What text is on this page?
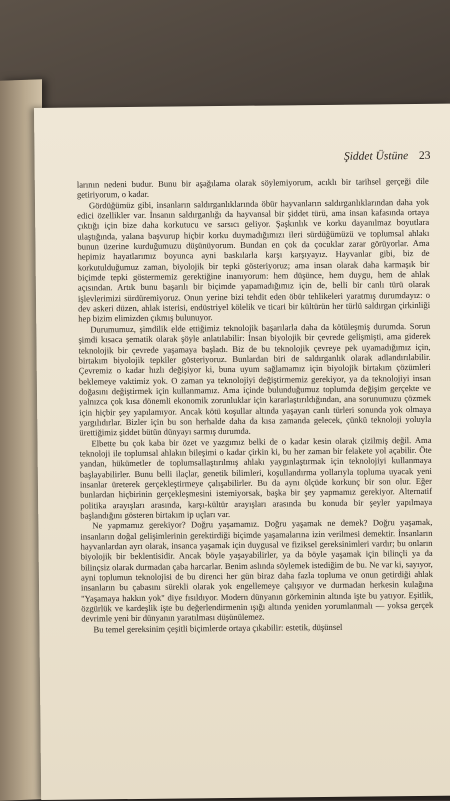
Şiddet Üstüne 23

larının nedeni budur. Bunu bir aşağılama olarak söylemiyorum, acıklı bir tarihsel gerçeği dile getiriyorum, o kadar.

Gördüğümüz gibi, insanların saldırganlıklarında öbür hayvanların saldırganlıklarından daha yok edici özellikler var. İnsanın saldırganlığı da hayvansal bir şiddet türü, ama insan kafasında ortaya çıktığı için bize daha korkutucu ve sarsıcı geliyor. Şaşkınlık ve korku dayanılmaz boyutlara ulaştığında, yalana başvurup hiçbir korku duymadığımızı ileri sürdüğümüzü ve toplumsal ahlakı bunun üzerine kurduğumuzu düşünüyorum. Bundan en çok da çocuklar zarar görüyorlar. Ama hepimiz hayatlarımız boyunca ayni baskılarla karşı karşıyayız. Hayvanlar gibi, biz de korkutulduğumuz zaman, biyolojik bir tepki gösteriyoruz; ama insan olarak daha karmaşık bir biçimde tepki göstermemiz gerektiğine inanıyorum: hem düşünce, hem duygu, hem de ahlak açısından. Artık bunu başarılı bir biçimde yapamadığımız için de, belli bir canlı türü olarak işlevlerimizi sürdüremiyoruz. Onun yerine bizi tehdit eden öbür tehlikeleri yaratmış durumdayız: o dev askeri düzen, ahlak isterisi, endüstriyel kölelik ve ticari bir kültürün her türlü saldırgan çirkinliği hep bizim elimizden çıkmış bulunuyor.

Durumumuz, şimdilik elde ettiğimiz teknolojik başarılarla daha da kötüleşmiş durumda. Sorun şimdi kısaca şematik olarak şöyle anlatılabilir: İnsan biyolojik bir çevrede gelişmişti, ama giderek teknolojik bir çevrede yaşamaya başladı. Biz de bu teknolojik çevreye pek uyamadığımız için, birtakım biyolojik tepkiler gösteriyoruz. Bunlardan biri de saldırganlık olarak adlandırılabilir. Çevremiz o kadar hızlı değişiyor ki, buna uyum sağlamamız için biyolojik birtakım çözümleri beklemeye vaktimiz yok. O zaman ya teknolojiyi değiştirmemiz gerekiyor, ya da teknolojiyi insan doğasını değiştirmek için kullanmamız. Ama içinde bulunduğumuz toplumda değişim gerçekte ve yalnızca çok kısa dönemli ekonomik zorunluklar için kararlaştırıldığından, ana sorunumuzu çözmek için hiçbir şey yapılamıyor. Ancak kötü koşullar altında yaşayan canlı türleri sonunda yok olmaya yargılıdırlar. Bizler için bu son herhalde daha da kısa zamanda gelecek, çünkü teknoloji yoluyla ürettiğimiz şiddet bütün dünyayı sarmış durumda.

Elbette bu çok kaba bir özet ve yazgımız belki de o kadar kesin olarak çizilmiş değil. Ama teknoloji ile toplumsal ahlakın bileşimi o kadar çirkin ki, bu her zaman bir felakete yol açabilir. Öte yandan, hükümetler de toplumsallaştırılmış ahlakı yaygınlaştırmak için teknolojiyi kullanmaya başlayabilirler. Bunu belli ilaçlar, genetik bilimleri, koşullandırma yollarıyla topluma uyacak yeni insanlar üreterek gerçekleştirmeye çalışabilirler. Bu da aynı ölçüde korkunç bir son olur. Eğer bunlardan hiçbirinin gerçekleşmesini istemiyorsak, başka bir şey yapmamız gerekiyor. Alternatif politika arayışları arasında, karşı-kültür arayışları arasında bu konuda bir şeyler yapılmaya başlandığını gösteren birtakım ip uçları var.

Ne yapmamız gerekiyor? Doğru yaşamamız. Doğru yaşamak ne demek? Doğru yaşamak, insanların doğal gelişimlerinin gerektirdiği biçimde yaşamalarına izin verilmesi demektir. İnsanların hayvanlardan ayrı olarak, insanca yaşamak için duygusal ve fiziksel gereksinimleri vardır; bu onların biyolojik bir beklentisidir. Ancak böyle yaşayabilirler, ya da böyle yaşamak için bilinçli ya da bilinçsiz olarak durmadan çaba harcarlar. Benim aslında söylemek istediğim de bu. Ne var ki, sayıyor, ayni toplumun teknolojisi de bu direnci her gün biraz daha fazla topluma ve onun getirdiği ahlak insanların bu çabasını sürekli olarak yok engellemeye çalışıyor ve durmadan herkesin kulağına "Yaşamaya hakkın yok" diye fısıldıyor. Modern dünyanın görkeminin altında işte bu yatıyor. Eşitlik, özgürlük ve kardeşlik işte bu değerlendirmenin ışığı altında yeniden yorumlanmalı — yoksa gerçek devrimle yeni bir dünyanın yaratılması düşünülemez.

Bu temel gereksinim çeşitli biçimlerde ortaya çıkabilir: estetik, düşünsel
